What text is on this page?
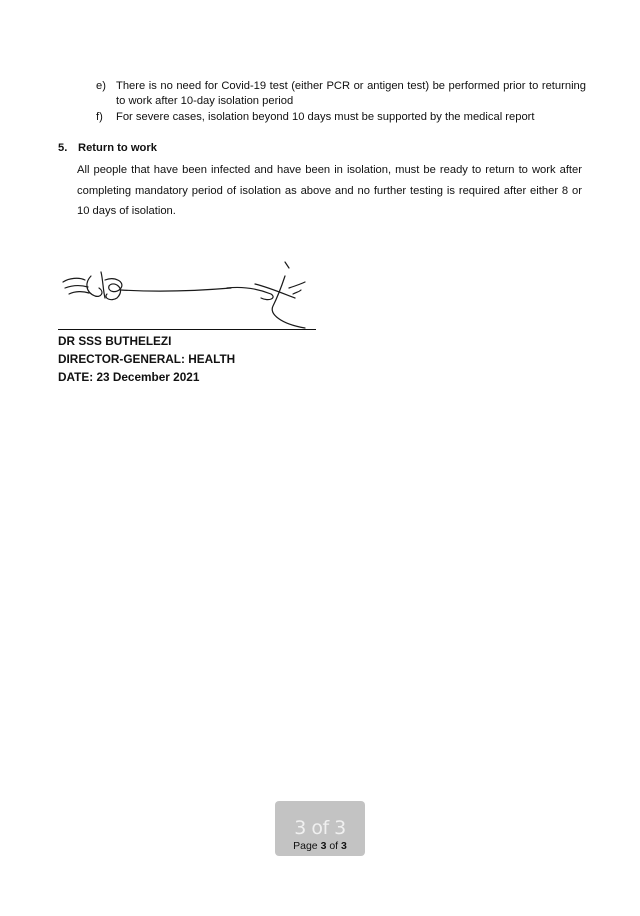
e) There is no need for Covid-19 test (either PCR or antigen test) be performed prior to returning to work after 10-day isolation period
f) For severe cases, isolation beyond 10 days must be supported by the medical report
5. Return to work
All people that have been infected and have been in isolation, must be ready to return to work after completing mandatory period of isolation as above and no further testing is required after either 8 or 10 days of isolation.
DR SSS BUTHELEZI
DIRECTOR-GENERAL: HEALTH
DATE: 23 December 2021
3 of 3
Page 3 of 3
